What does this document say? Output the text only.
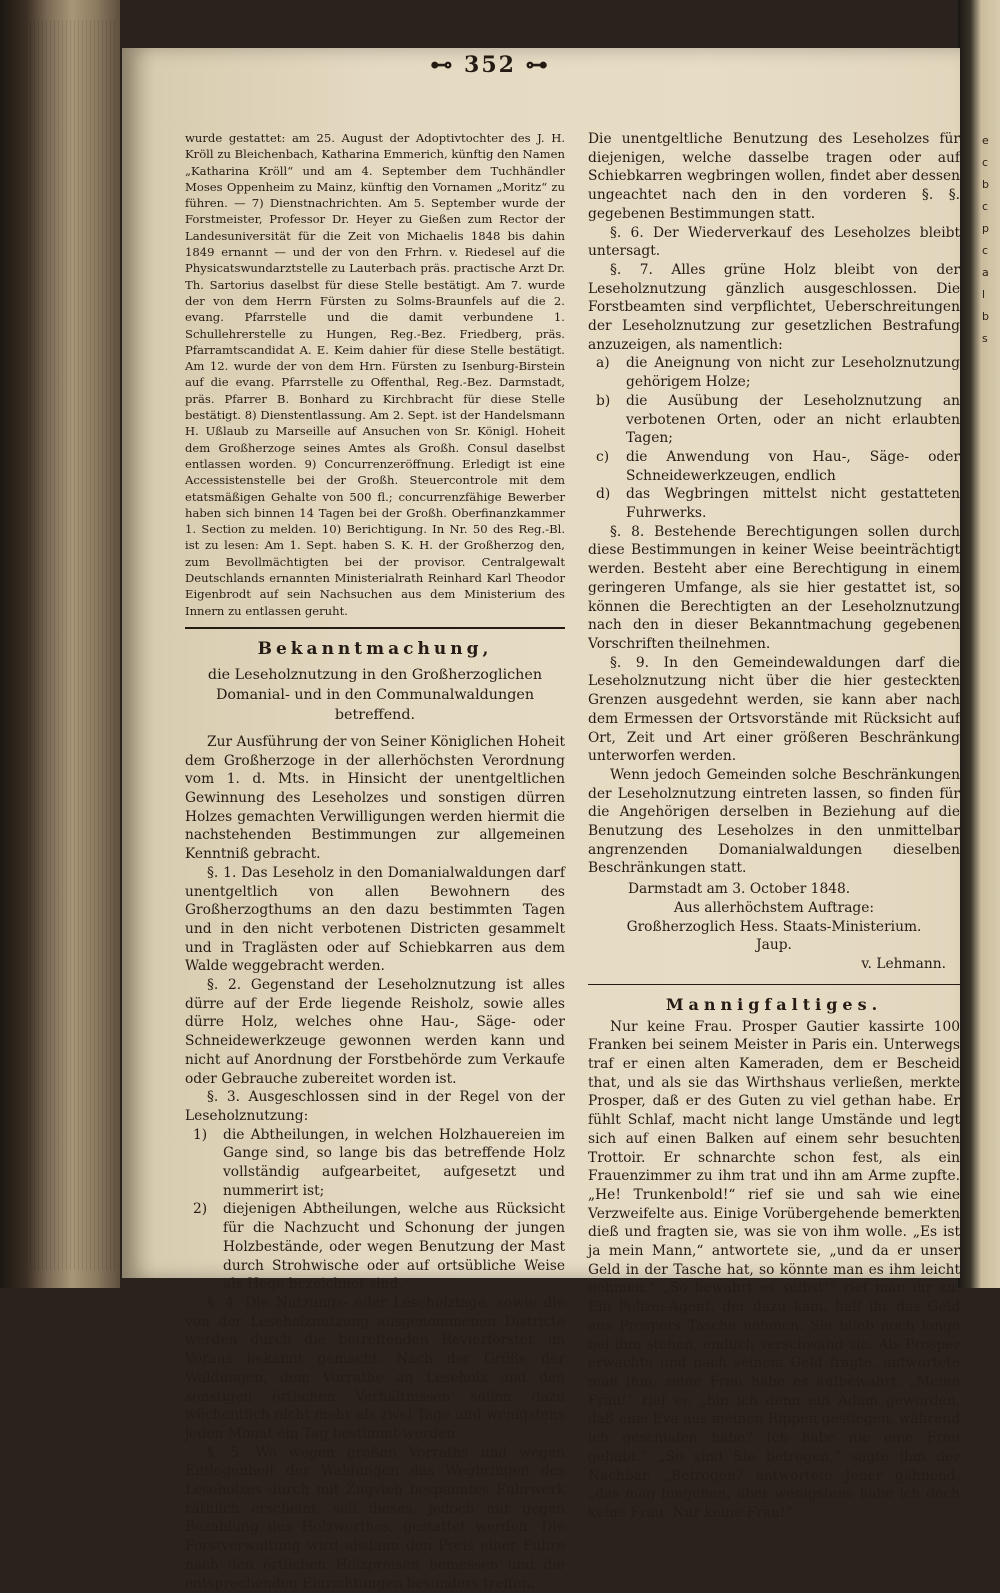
e
c
b
c
p
c
a
l
b
s
⊷ 352 ⊶

wurde gestattet: am 25. August der Adoptivtochter des J. H. Kröll zu Bleichenbach, Katharina Emmerich, künftig den Namen „Katharina Kröll“ und am 4. September dem Tuchhändler Moses Oppenheim zu Mainz, künftig den Vornamen „Moritz“ zu führen. — 7) Dienstnachrichten. Am 5. September wurde der Forstmeister, Professor Dr. Heyer zu Gießen zum Rector der Landesuniversität für die Zeit von Michaelis 1848 bis dahin 1849 ernannt — und der von den Frhrn. v. Riedesel auf die Physicatswundarztstelle zu Lauterbach präs. practische Arzt Dr. Th. Sartorius daselbst für diese Stelle bestätigt. Am 7. wurde der von dem Herrn Fürsten zu Solms-Braunfels auf die 2. evang. Pfarrstelle und die damit verbundene 1. Schullehrerstelle zu Hungen, Reg.-Bez. Friedberg, präs. Pfarramtscandidat A. E. Keim dahier für diese Stelle bestätigt. Am 12. wurde der von dem Hrn. Fürsten zu Isenburg-Birstein auf die evang. Pfarrstelle zu Offenthal, Reg.-Bez. Darmstadt, präs. Pfarrer B. Bonhard zu Kirchbracht für diese Stelle bestätigt. 8) Dienstentlassung. Am 2. Sept. ist der Handelsmann H. Ußlaub zu Marseille auf Ansuchen von Sr. Königl. Hoheit dem Großherzoge seines Amtes als Großh. Consul daselbst entlassen worden. 9) Concurrenzeröffnung. Erledigt ist eine Accessistenstelle bei der Großh. Steuercontrole mit dem etatsmäßigen Gehalte von 500 fl.; concurrenzfähige Bewerber haben sich binnen 14 Tagen bei der Großh. Oberfinanzkammer 1. Section zu melden. 10) Berichtigung. In Nr. 50 des Reg.-Bl. ist zu lesen: Am 1. Sept. haben S. K. H. der Großherzog den, zum Bevollmächtigten bei der provisor. Centralgewalt Deutschlands ernannten Ministerialrath Reinhard Karl Theodor Eigenbrodt auf sein Nachsuchen aus dem Ministerium des Innern zu entlassen geruht.

Bekanntmachung,
die Leseholznutzung in den Großherzoglichen Domanial- und in den Communalwaldungen betreffend.

Zur Ausführung der von Seiner Königlichen Hoheit dem Großherzoge in der allerhöchsten Verordnung vom 1. d. Mts. in Hinsicht der unentgeltlichen Gewinnung des Leseholzes und sonstigen dürren Holzes gemachten Verwilligungen werden hiermit die nachstehenden Bestimmungen zur allgemeinen Kenntniß gebracht.

§. 1. Das Leseholz in den Domanialwaldungen darf unentgeltlich von allen Bewohnern des Großherzogthums an den dazu bestimmten Tagen und in den nicht verbotenen Districten gesammelt und in Traglästen oder auf Schiebkarren aus dem Walde weggebracht werden.

§. 2. Gegenstand der Leseholznutzung ist alles dürre auf der Erde liegende Reisholz, sowie alles dürre Holz, welches ohne Hau-, Säge- oder Schneidewerkzeuge gewonnen werden kann und nicht auf Anordnung der Forstbehörde zum Verkaufe oder Gebrauche zubereitet worden ist.

§. 3. Ausgeschlossen sind in der Regel von der Leseholznutzung:

1)	die Abtheilungen, in welchen Holzhauereien im Gange sind, so lange bis das betreffende Holz vollständig aufgearbeitet, aufgesetzt und nummerirt ist;
2)	diejenigen Abtheilungen, welche aus Rücksicht für die Nachzucht und Schonung der jungen Holzbestände, oder wegen Benutzung der Mast durch Strohwische oder auf ortsübliche Weise als Hege bezeichnet sind.

§. 4. Die Nutzungs- oder Leseholztage, sowie die von der Leseholznutzung ausgenommenen Districte werden durch die betreffenden Revierförster im Voraus bekannt gemacht. Nach der Größe der Waldungen, dem Vorrathe an Leseholz und den sonstigen örtlichen Verhältnissen sollen dazu wöchentlich nicht mehr als zwei Tage und wenigstens jeden Monat ein Tag bestimmt werden.

§. 5. Wo wegen großen Vorraths und wegen Entlegenheit der Waldungen das Wegbringen des Leseholzes durch mit Zugvieh bespanntes Fuhrwerk räthlich erscheint, soll dieses, jedoch nur gegen Bezahlung des Holzwerthes, gestattet werden. Die Forstverwaltung wird alsdann den Preis einer Fuhre nach den örtlichen Holzpreisen bemessen und die entsprechenden Einrichtungen besonders treffen.

Die unentgeltliche Benutzung des Leseholzes für diejenigen, welche dasselbe tragen oder auf Schiebkarren wegbringen wollen, findet aber dessen ungeachtet nach den in den vorderen §. §. gegebenen Bestimmungen statt.

§. 6. Der Wiederverkauf des Leseholzes bleibt untersagt.

§. 7. Alles grüne Holz bleibt von der Leseholznutzung gänzlich ausgeschlossen. Die Forstbeamten sind verpflichtet, Ueberschreitungen der Leseholznutzung zur gesetzlichen Bestrafung anzuzeigen, als namentlich:

a)	die Aneignung von nicht zur Leseholznutzung gehörigem Holze;
b)	die Ausübung der Leseholznutzung an verbotenen Orten, oder an nicht erlaubten Tagen;
c)	die Anwendung von Hau-, Säge- oder Schneidewerkzeugen, endlich
d)	das Wegbringen mittelst nicht gestatteten Fuhrwerks.

§. 8. Bestehende Berechtigungen sollen durch diese Bestimmungen in keiner Weise beeinträchtigt werden. Besteht aber eine Berechtigung in einem geringeren Umfange, als sie hier gestattet ist, so können die Berechtigten an der Leseholznutzung nach den in dieser Bekanntmachung gegebenen Vorschriften theilnehmen.

§. 9. In den Gemeindewaldungen darf die Leseholznutzung nicht über die hier gesteckten Grenzen ausgedehnt werden, sie kann aber nach dem Ermessen der Ortsvorstände mit Rücksicht auf Ort, Zeit und Art einer größeren Beschränkung unterworfen werden.

Wenn jedoch Gemeinden solche Beschränkungen der Leseholznutzung eintreten lassen, so finden für die Angehörigen derselben in Beziehung auf die Benutzung des Leseholzes in den unmittelbar angrenzenden Domanialwaldungen dieselben Beschränkungen statt.

Darmstadt am 3. October 1848.

Aus allerhöchstem Auftrage:

Großherzoglich Hess. Staats-Ministerium.

Jaup.

v. Lehmann.

Mannigfaltiges.

Nur keine Frau. Prosper Gautier kassirte 100 Franken bei seinem Meister in Paris ein. Unterwegs traf er einen alten Kameraden, dem er Bescheid that, und als sie das Wirthshaus verließen, merkte Prosper, daß er des Guten zu viel gethan habe. Er fühlt Schlaf, macht nicht lange Umstände und legt sich auf einen Balken auf einem sehr besuchten Trottoir. Er schnarchte schon fest, als ein Frauenzimmer zu ihm trat und ihn am Arme zupfte. „He! Trunkenbold!“ rief sie und sah wie eine Verzweifelte aus. Einige Vorübergehende bemerkten dieß und fragten sie, was sie von ihm wolle. „Es ist ja mein Mann,“ antwortete sie, „und da er unser Geld in der Tasche hat, so könnte man es ihm leicht nehmen.“ „So bewahrt es selbst!“ rief man ihr zu. Ein Polizei-Agent, der dazu kam, half ihr das Geld aus Prospers Tasche nehmen. Sie blieb noch lange bei ihm stehen, endlich verschwand sie. Als Prosper erwachte und nach seinem Geld fragte, antwortete man ihm, seine Frau habe es aufbewahrt. „Meine Frau!“ rief er, „bin ich denn ein Adam geworden, daß eine Eva aus meinen Rippen gestiegen, während ich geschlafen habe? Ich habe nie eine Frau gehabt.“ „So sind Sie betrogen,“ sagte ihm der Nachbar. „Betrogen? antwortete Jener gähnend, „das mag hingehen; aber wenigstens habe ich doch keine Frau. Nur keine Frau!“
